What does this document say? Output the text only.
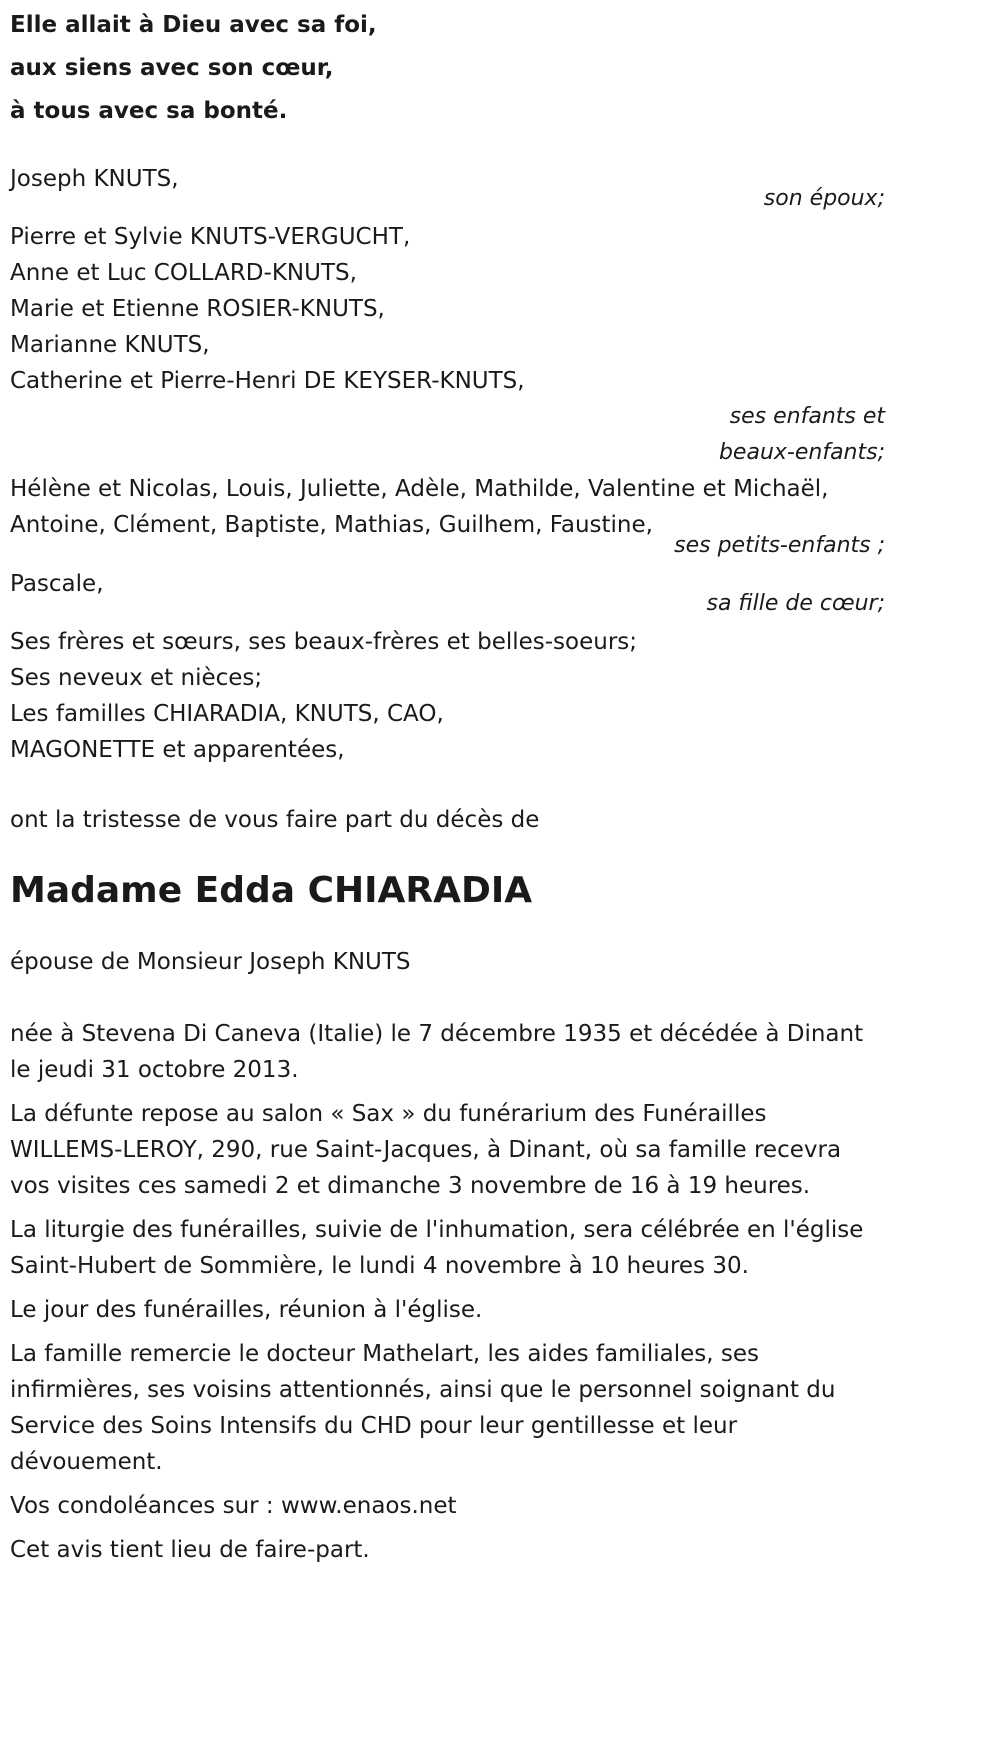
Elle allait à Dieu avec sa foi,
aux siens avec son cœur,
à tous avec sa bonté.
Joseph KNUTS,
son époux;
Pierre et Sylvie KNUTS-VERGUCHT,
Anne et Luc COLLARD-KNUTS,
Marie et Etienne ROSIER-KNUTS,
Marianne KNUTS,
Catherine et Pierre-Henri DE KEYSER-KNUTS,
ses enfants et
beaux-enfants;
Hélène et Nicolas, Louis, Juliette, Adèle, Mathilde, Valentine et Michaël,
Antoine, Clément, Baptiste, Mathias, Guilhem, Faustine,
ses petits-enfants ;
Pascale,
sa fille de cœur;
Ses frères et sœurs, ses beaux-frères et belles-soeurs;
Ses neveux et nièces;
Les familles CHIARADIA, KNUTS, CAO,
MAGONETTE et apparentées,
ont la tristesse de vous faire part du décès de
Madame Edda CHIARADIA
épouse de Monsieur Joseph KNUTS

née à Stevena Di Caneva (Italie) le 7 décembre 1935 et décédée à Dinant le jeudi 31 octobre 2013.

La défunte repose au salon « Sax » du funérarium des Funérailles WILLEMS-LEROY, 290, rue Saint-Jacques, à Dinant, où sa famille recevra vos visites ces samedi 2 et dimanche 3 novembre de 16 à 19 heures.

La liturgie des funérailles, suivie de l'inhumation, sera célébrée en l'église Saint-Hubert de Sommière, le lundi 4 novembre à 10 heures 30.

Le jour des funérailles, réunion à l'église.

La famille remercie le docteur Mathelart, les aides familiales, ses infirmières, ses voisins attentionnés, ainsi que le personnel soignant du Service des Soins Intensifs du CHD pour leur gentillesse et leur dévouement.

Vos condoléances sur : www.enaos.net

Cet avis tient lieu de faire-part.
